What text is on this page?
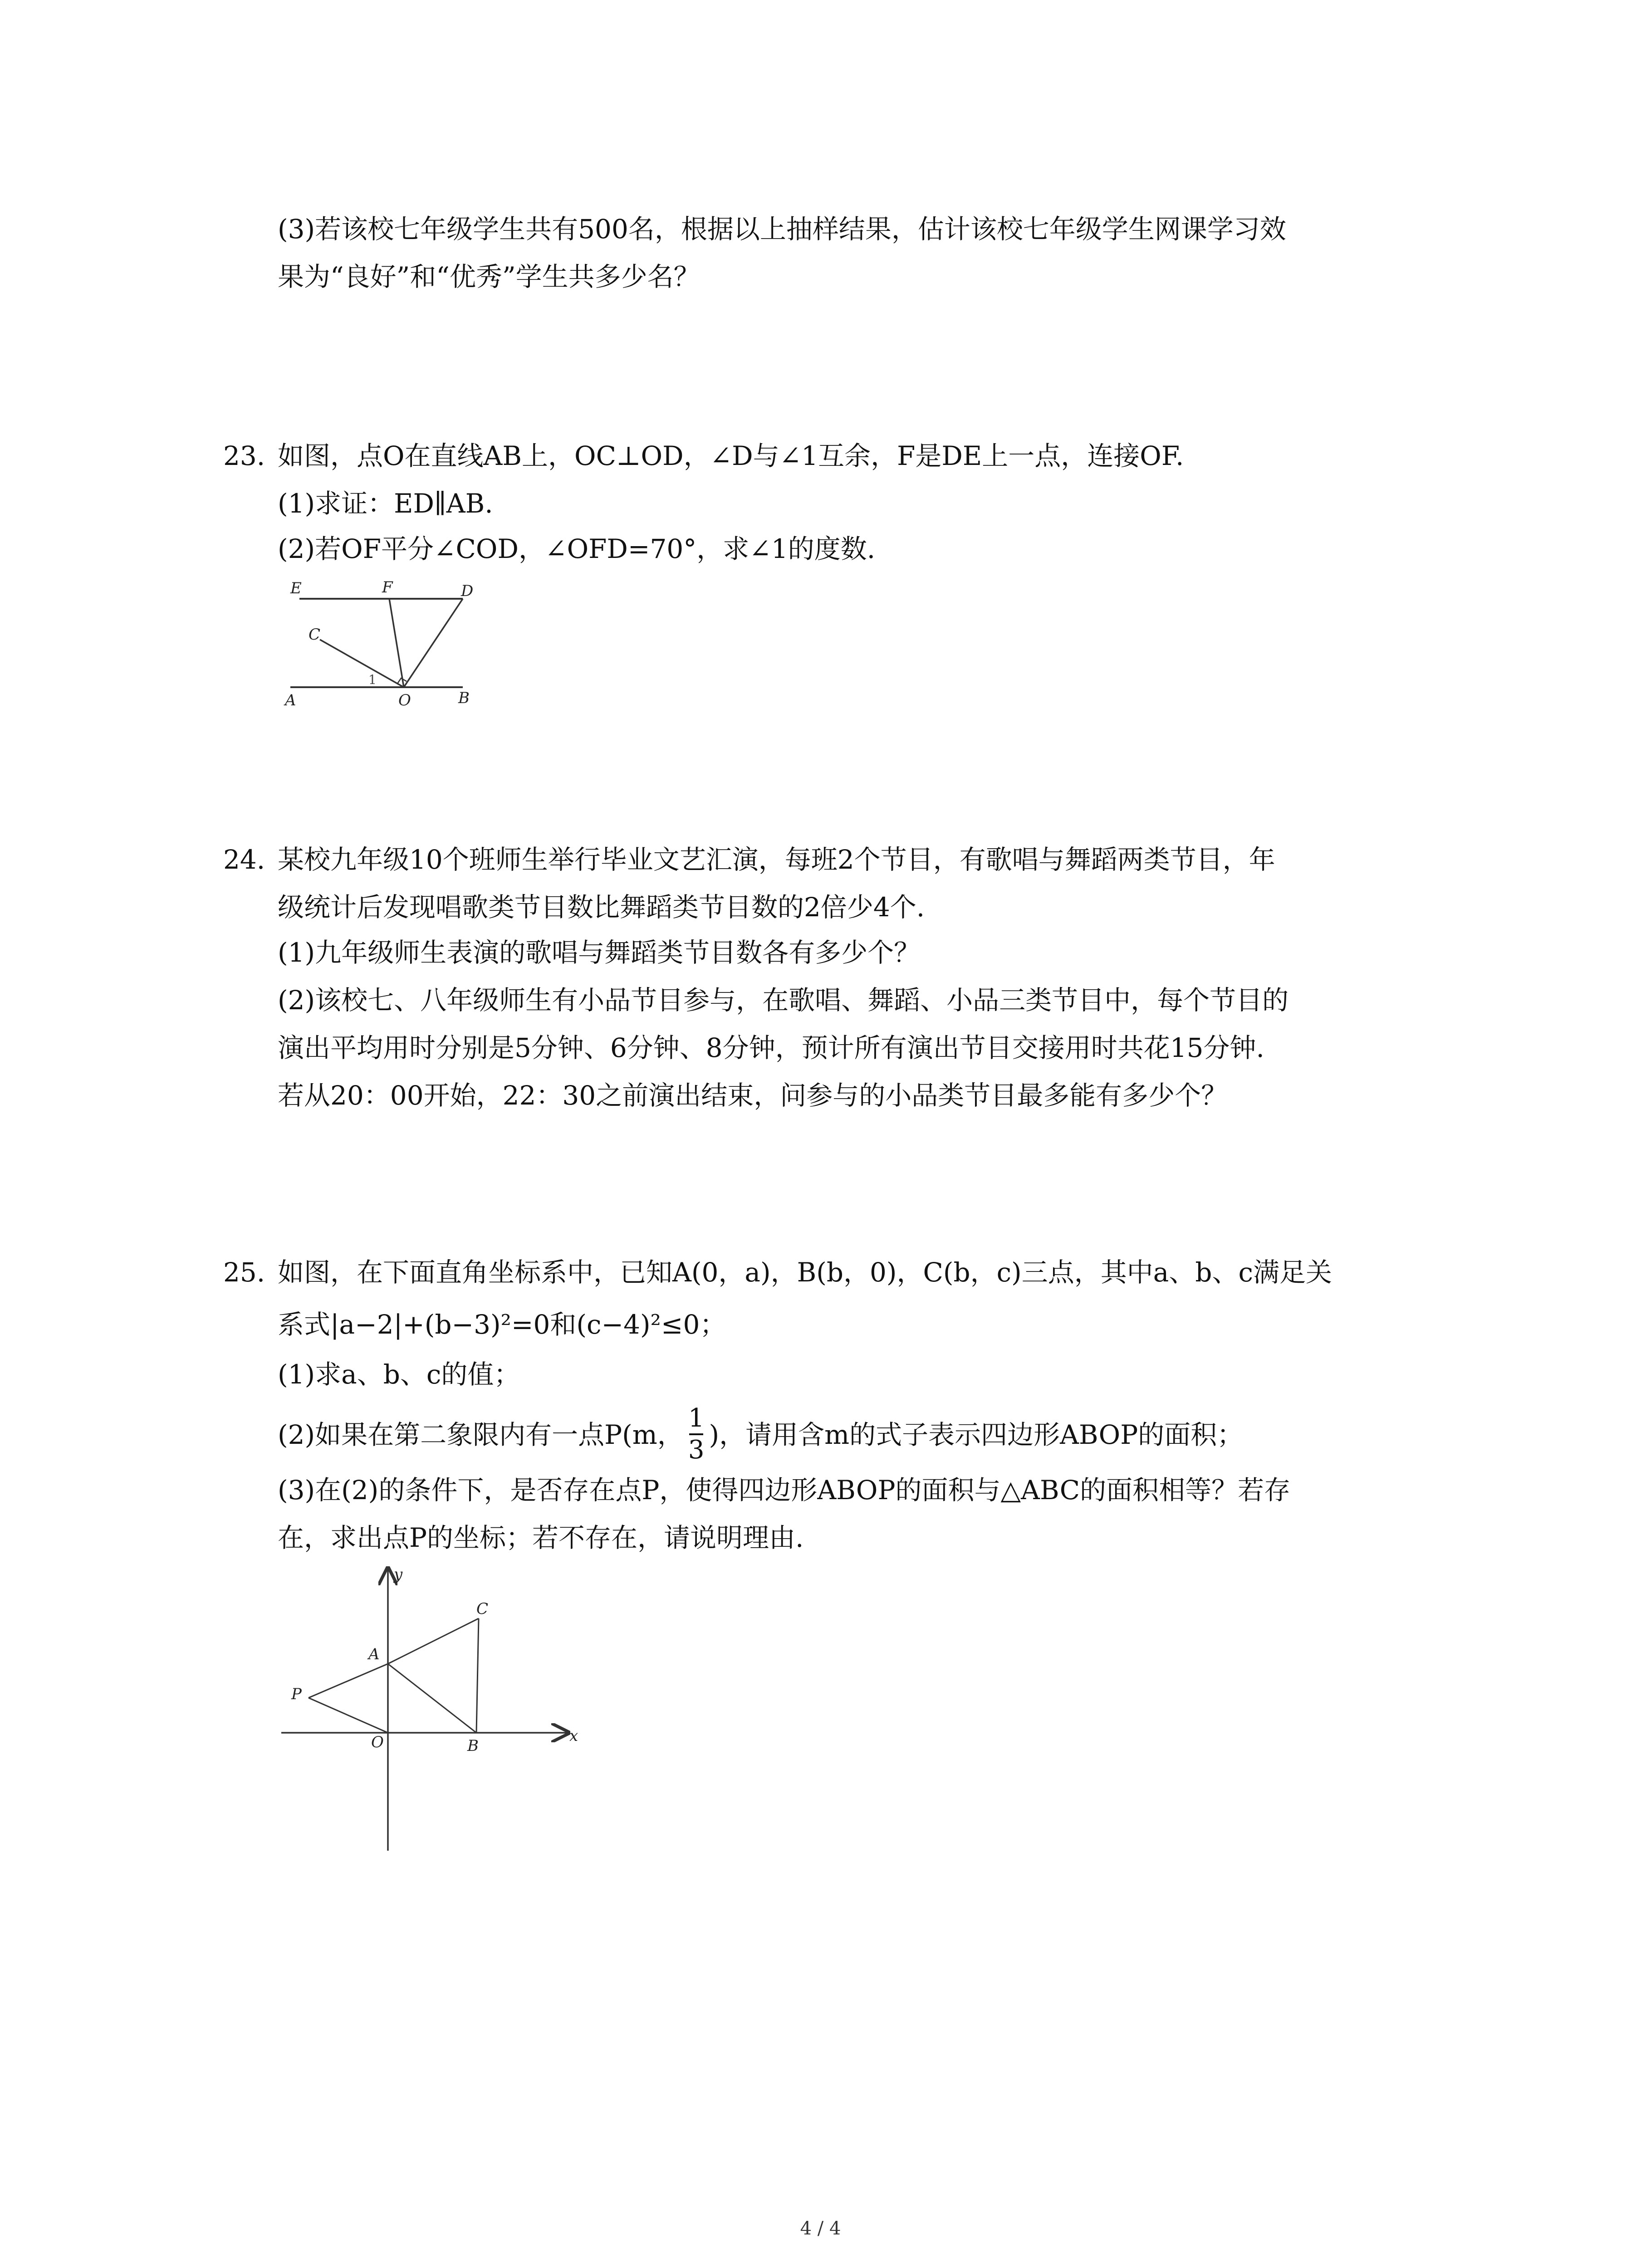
(3)若该校七年级学生共有500名，根据以上抽样结果，估计该校七年级学生网课学习效
果为“良好”和“优秀”学生共多少名？
23. 如图，点O在直线AB上，OC⊥OD，∠D与∠1互余，F是DE上一点，连接OF.
(1)求证：ED∥AB.
(2)若OF平分∠COD，∠OFD=70°，求∠1的度数.
E	F	D
C
1
A	O	B
24. 某校九年级10个班师生举行毕业文艺汇演，每班2个节目，有歌唱与舞蹈两类节目，年
级统计后发现唱歌类节目数比舞蹈类节目数的2倍少4个.
(1)九年级师生表演的歌唱与舞蹈类节目数各有多少个？
(2)该校七、八年级师生有小品节目参与，在歌唱、舞蹈、小品三类节目中，每个节目的
演出平均用时分别是5分钟、6分钟、8分钟，预计所有演出节目交接用时共花15分钟.
若从20：00开始，22：30之前演出结束，问参与的小品类节目最多能有多少个？
25. 如图，在下面直角坐标系中，已知A(0，a)，B(b，0)，C(b，c)三点，其中a、b、c满足关
系式|a−2|+(b−3)²=0和(c−4)²≤0；
(1)求a、b、c的值；
(2)如果在第二象限内有一点P(m， $\frac{1}{3}$ )，请用含m的式子表示四边形ABOP的面积；
(3)在(2)的条件下，是否存在点P，使得四边形ABOP的面积与△ABC的面积相等？若存
在，求出点P的坐标；若不存在，请说明理由.
y
x
A
C
P
O	B
4 / 4
